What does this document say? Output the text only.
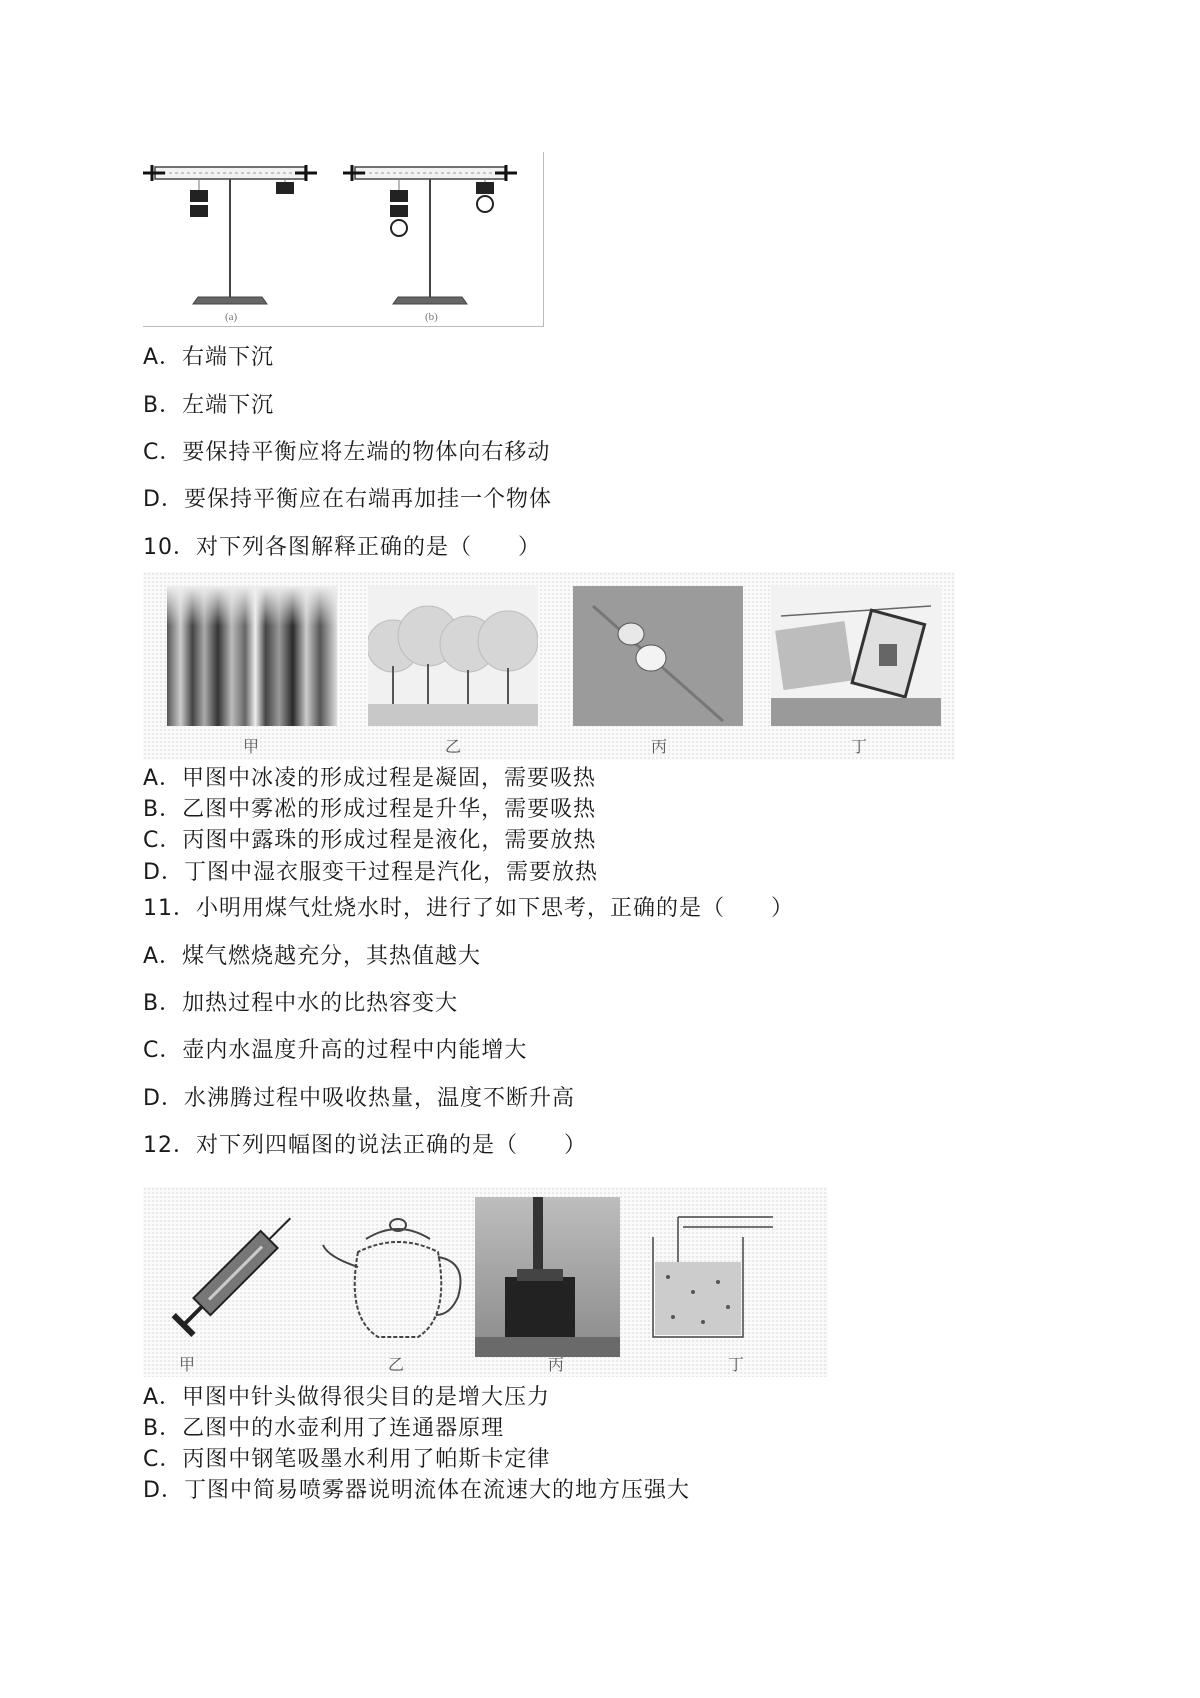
(a)	(b)
A．右端下沉
B．左端下沉
C．要保持平衡应将左端的物体向右移动
D．要保持平衡应在右端再加挂一个物体
10．对下列各图解释正确的是（　　）
甲	乙	丙	丁
A．甲图中冰凌的形成过程是凝固，需要吸热
B．乙图中雾凇的形成过程是升华，需要吸热
C．丙图中露珠的形成过程是液化，需要放热
D．丁图中湿衣服变干过程是汽化，需要放热
11．小明用煤气灶烧水时，进行了如下思考，正确的是（　　）
A．煤气燃烧越充分，其热值越大
B．加热过程中水的比热容变大
C．壶内水温度升高的过程中内能增大
D．水沸腾过程中吸收热量，温度不断升高
12．对下列四幅图的说法正确的是（　　）
甲	乙	丙	丁
A．甲图中针头做得很尖目的是增大压力
B．乙图中的水壶利用了连通器原理
C．丙图中钢笔吸墨水利用了帕斯卡定律
D．丁图中简易喷雾器说明流体在流速大的地方压强大
